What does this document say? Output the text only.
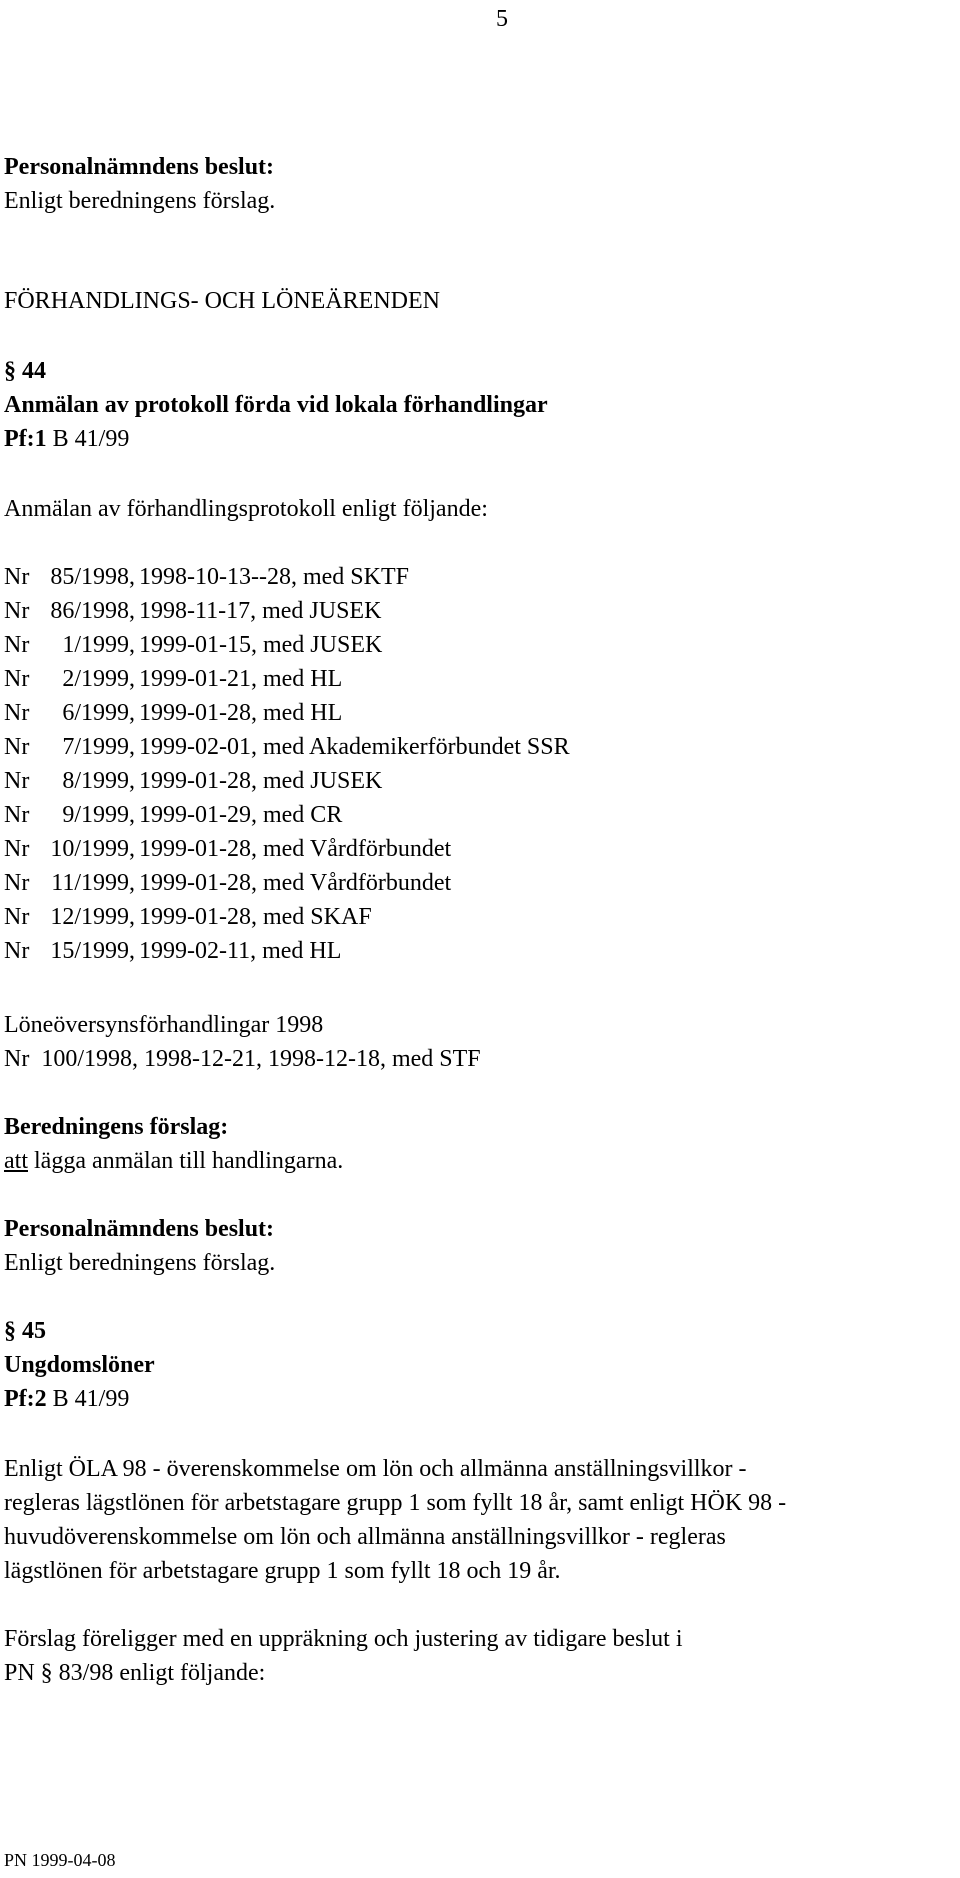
5
Personalnämndens beslut:
Enligt beredningens förslag.
FÖRHANDLINGS- OCH LÖNEÄRENDEN
§ 44
Anmälan av protokoll förda vid lokala förhandlingar
Pf:1 B 41/99
Anmälan av förhandlingsprotokoll enligt följande:
Nr 85/1998, 1998-10-13--28, med SKTF
Nr 86/1998, 1998-11-17, med JUSEK
Nr 1/1999, 1999-01-15, med JUSEK
Nr 2/1999, 1999-01-21, med HL
Nr 6/1999, 1999-01-28, med HL
Nr 7/1999, 1999-02-01, med Akademikerförbundet SSR
Nr 8/1999, 1999-01-28, med JUSEK
Nr 9/1999, 1999-01-29, med CR
Nr 10/1999, 1999-01-28, med Vårdförbundet
Nr 11/1999, 1999-01-28, med Vårdförbundet
Nr 12/1999, 1999-01-28, med SKAF
Nr 15/1999, 1999-02-11, med HL
Löneöversynsförhandlingar 1998
Nr  100/1998, 1998-12-21, 1998-12-18, med STF
Beredningens förslag:
att lägga anmälan till handlingarna.
Personalnämndens beslut:
Enligt beredningens förslag.
§ 45
Ungdomslöner
Pf:2 B 41/99
Enligt ÖLA 98 - överenskommelse om lön och allmänna anställningsvillkor -
regleras lägstlönen för arbetstagare grupp 1 som fyllt 18 år, samt enligt HÖK 98 -
huvudöverenskommelse om lön och allmänna anställningsvillkor - regleras
lägstlönen för arbetstagare grupp 1 som fyllt 18 och 19 år.
Förslag föreligger med en uppräkning och justering av tidigare beslut i
PN § 83/98 enligt följande:
PN 1999-04-08
